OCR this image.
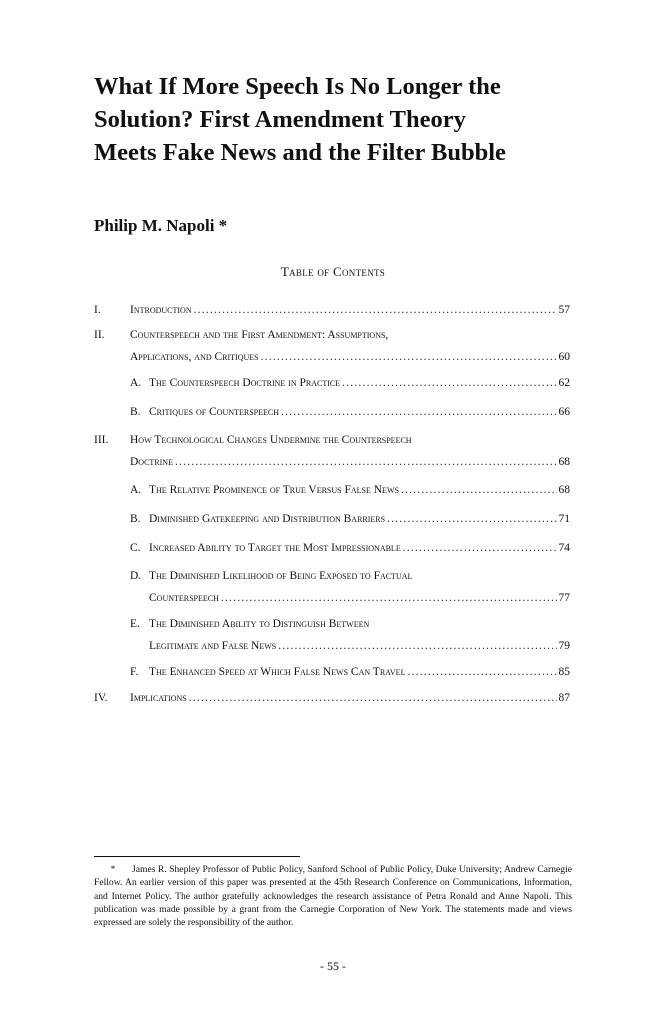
What If More Speech Is No Longer the
Solution? First Amendment Theory
Meets Fake News and the Filter Bubble

Philip M. Napoli *

Table of Contents

I.	Introduction .....	57
II. Counterspeech and the First Amendment: Assumptions,
Applications, and Critiques .....	60
A. The Counterspeech Doctrine in Practice .....	62
B. Critiques of Counterspeech .....	66
III. How Technological Changes Undermine the Counterspeech
Doctrine .....	68
A. The Relative Prominence of True Versus False News .....	68
B. Diminished Gatekeeping and Distribution Barriers .....	71
C. Increased Ability to Target the Most Impressionable .....	74
D. The Diminished Likelihood of Being Exposed to Factual
Counterspeech .....	77
E. The Diminished Ability to Distinguish Between
Legitimate and False News .....	79
F. The Enhanced Speed at Which False News Can Travel .....	85
IV. Implications .....	87

* James R. Shepley Professor of Public Policy, Sanford School of Public Policy, Duke University; Andrew Carnegie Fellow. An earlier version of this paper was presented at the 45th Research Conference on Communications, Information, and Internet Policy. The author gratefully acknowledges the research assistance of Petra Ronald and Anne Napoli. This publication was made possible by a grant from the Carnegie Corporation of New York. The statements made and views expressed are solely the responsibility of the author.

- 55 -
